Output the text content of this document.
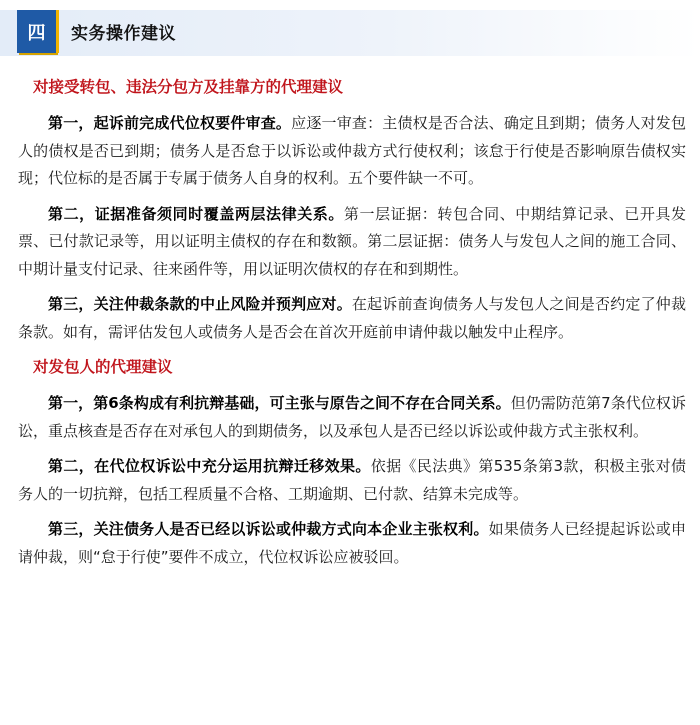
四	实务操作建议

对接受转包、违法分包方及挂靠方的代理建议

第一，起诉前完成代位权要件审查。应逐一审查：主债权是否合法、确定且到期；债务人对发包人的债权是否已到期；债务人是否怠于以诉讼或仲裁方式行使权利；该怠于行使是否影响原告债权实现；代位标的是否属于专属于债务人自身的权利。五个要件缺一不可。

第二，证据准备须同时覆盖两层法律关系。第一层证据：转包合同、中期结算记录、已开具发票、已付款记录等，用以证明主债权的存在和数额。第二层证据：债务人与发包人之间的施工合同、中期计量支付记录、往来函件等，用以证明次债权的存在和到期性。

第三，关注仲裁条款的中止风险并预判应对。在起诉前查询债务人与发包人之间是否约定了仲裁条款。如有，需评估发包人或债务人是否会在首次开庭前申请仲裁以触发中止程序。

对发包人的代理建议

第一，第6条构成有利抗辩基础，可主张与原告之间不存在合同关系。但仍需防范第7条代位权诉讼，重点核查是否存在对承包人的到期债务，以及承包人是否已经以诉讼或仲裁方式主张权利。

第二，在代位权诉讼中充分运用抗辩迁移效果。依据《民法典》第535条第3款，积极主张对债务人的一切抗辩，包括工程质量不合格、工期逾期、已付款、结算未完成等。

第三，关注债务人是否已经以诉讼或仲裁方式向本企业主张权利。如果债务人已经提起诉讼或申请仲裁，则“怠于行使”要件不成立，代位权诉讼应被驳回。
